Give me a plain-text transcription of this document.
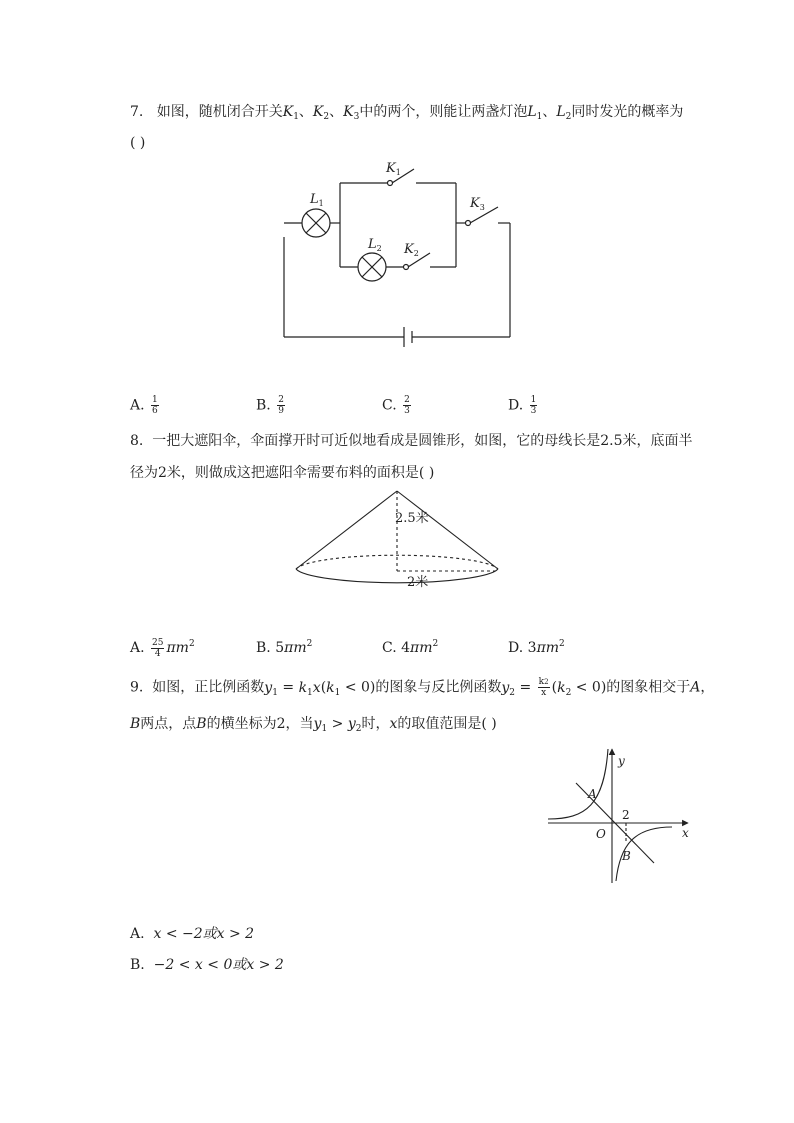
7. 如图，随机闭合开关$K_1$、$K_2$、$K_3$中的两个，则能让两盏灯泡$L_1$、$L_2$同时发光的概率为
( )
$L_1$
$L_2$
$K_1$
$K_2$
$K_3$
A. $\frac{1}{6}$	B. $\frac{2}{9}$	C. $\frac{2}{3}$	D. $\frac{1}{3}$
8. 一把大遮阳伞，伞面撑开时可近似地看成是圆锥形，如图，它的母线长是2.5米，底面半
径为2米，则做成这把遮阳伞需要布料的面积是( )
2.5米
2米
A. $\frac{25}{4} \pi m^2$	B. $5\pi m^2$	C. $4\pi m^2$	D. $3\pi m^2$
9. 如图，正比例函数$y_1 = k_1x(k_1 < 0)$的图象与反比例函数$y_2 = \frac{k2}{x} (k_2 < 0)$的图象相交于A，
B两点，点B的横坐标为2，当$y_1 > y_2$时，x的取值范围是( )
y
x
O
A
B
2
A. x < −2或x > 2
B. −2 < x < 0或x > 2
